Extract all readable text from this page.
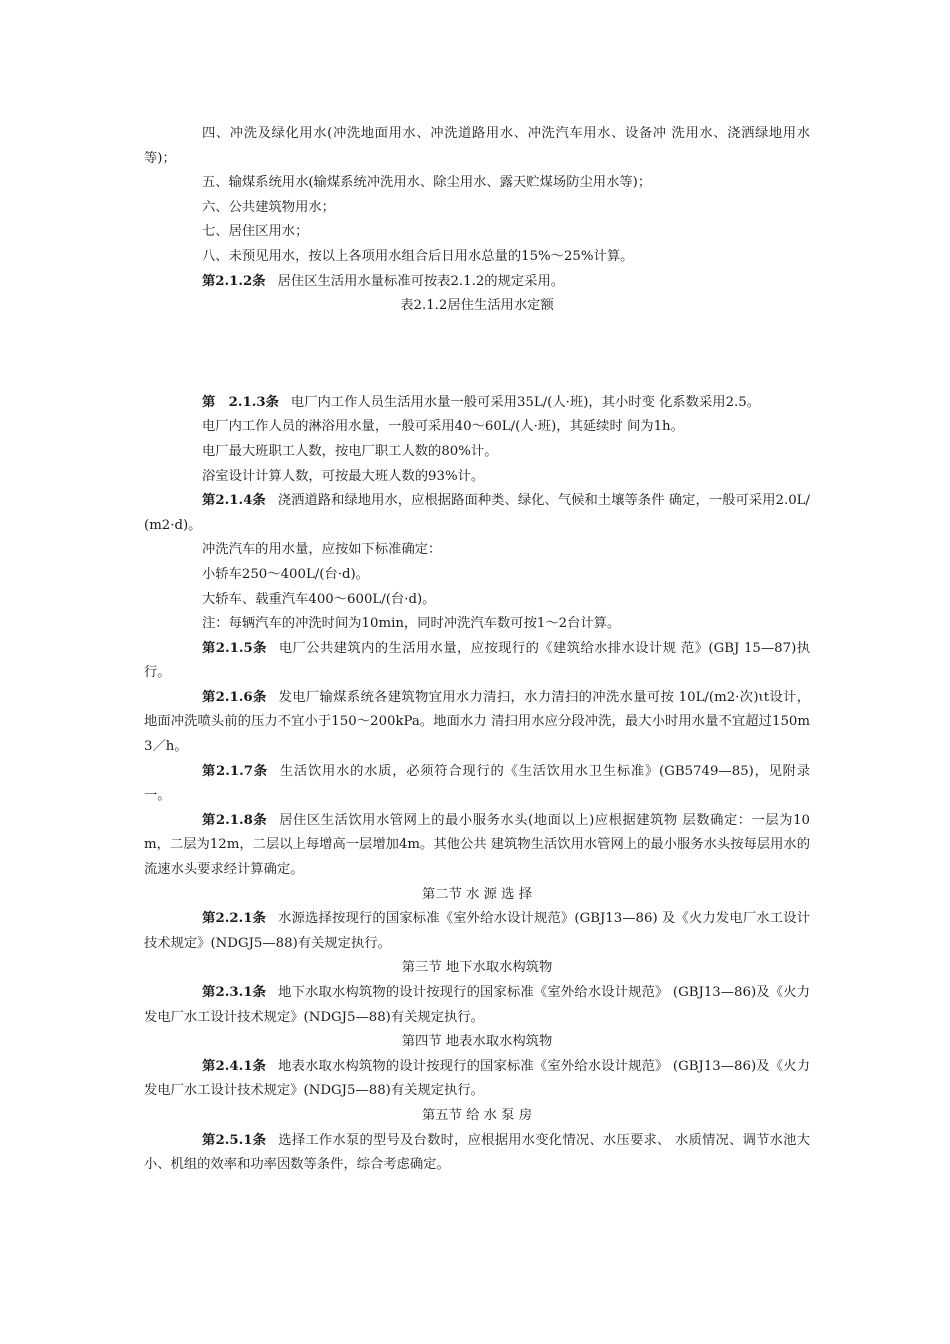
四、冲洗及绿化用水(冲洗地面用水、冲洗道路用水、冲洗汽车用水、设备冲 洗用水、浇洒绿地用水等)；

五、输煤系统用水(输煤系统冲洗用水、除尘用水、露天贮煤场防尘用水等)；

六、公共建筑物用水；

七、居住区用水；

八、未预见用水，按以上各项用水组合后日用水总量的15%～25%计算。

第2.1.2条 居住区生活用水量标准可按表2.1.2的规定采用。

表2.1.2居住生活用水定额

第　2.1.3条 电厂内工作人员生活用水量一般可采用35L/(人·班)，其小时变 化系数采用2.5。

电厂内工作人员的淋浴用水量，一般可采用40～60L/(人·班)，其延续时 间为1h。

电厂最大班职工人数，按电厂职工人数的80%计。

浴室设计计算人数，可按最大班人数的93%计。

第2.1.4条 浇洒道路和绿地用水，应根据路面种类、绿化、气候和土壤等条件 确定，一般可采用2.0L/(m2·d)。

冲洗汽车的用水量，应按如下标准确定：

小轿车250～400L/(台·d)。

大轿车、载重汽车400～600L/(台·d)。

注：每辆汽车的冲洗时间为10min，同时冲洗汽车数可按1～2台计算。

第2.1.5条 电厂公共建筑内的生活用水量，应按现行的《建筑给水排水设计规 范》(GBJ 15—87)执行。

第2.1.6条 发电厂输煤系统各建筑物宜用水力清扫，水力清扫的冲洗水量可按 10L/(m2·次)ɩt设计，地面冲洗喷头前的压力不宜小于150～200kPa。地面水力 清扫用水应分段冲洗，最大小时用水量不宜超过150m3／h。

第2.1.7条 生活饮用水的水质，必须符合现行的《生活饮用水卫生标准》(GB5749—85)，见附录一。

第2.1.8条 居住区生活饮用水管网上的最小服务水头(地面以上)应根据建筑物 层数确定：一层为10m，二层为12m，二层以上每增高一层增加4m。其他公共 建筑物生活饮用水管网上的最小服务水头按每层用水的流速水头要求经计算确定。

第二节 水 源 选 择

第2.2.1条 水源选择按现行的国家标准《室外给水设计规范》(GBJ13—86) 及《火力发电厂水工设计技术规定》(NDGJ5—88)有关规定执行。

第三节 地下水取水构筑物

第2.3.1条 地下水取水构筑物的设计按现行的国家标准《室外给水设计规范》 (GBJ13—86)及《火力发电厂水工设计技术规定》(NDGJ5—88)有关规定执行。

第四节 地表水取水构筑物

第2.4.1条 地表水取水构筑物的设计按现行的国家标准《室外给水设计规范》 (GBJ13—86)及《火力发电厂水工设计技术规定》(NDGJ5—88)有关规定执行。

第五节 给 水 泵 房

第2.5.1条 选择工作水泵的型号及台数时，应根据用水变化情况、水压要求、 水质情况、调节水池大小、机组的效率和功率因数等条件，综合考虑确定。
